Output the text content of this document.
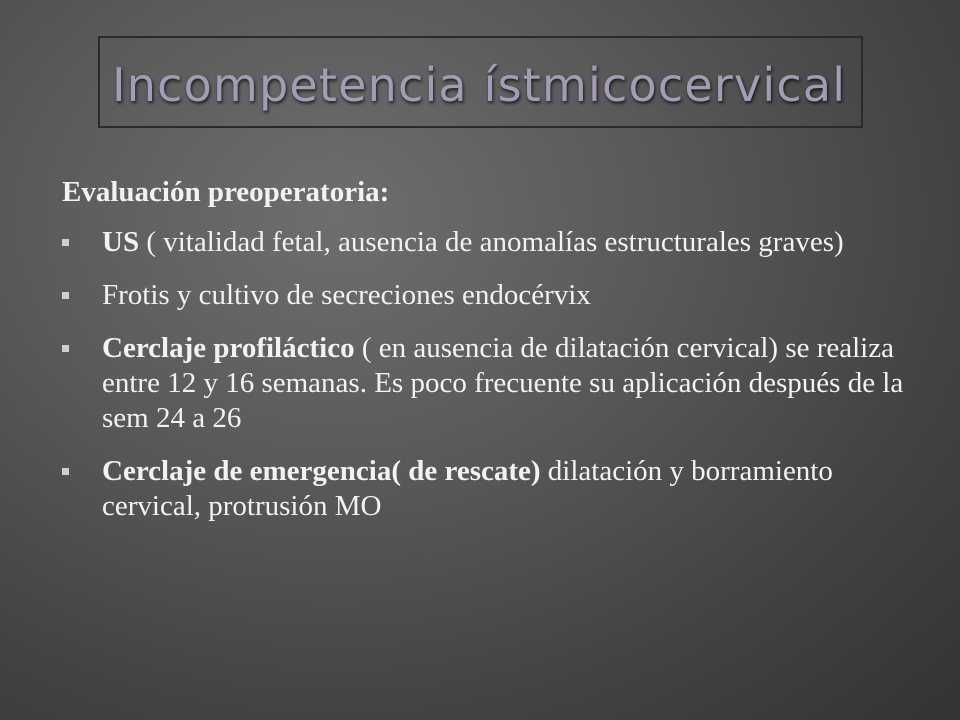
Incompetencia ístmicocervical
Evaluación preoperatoria:
US ( vitalidad fetal, ausencia de anomalías estructurales graves)
Frotis y cultivo de secreciones endocérvix
Cerclaje profiláctico ( en ausencia de dilatación cervical) se realiza entre 12 y 16 semanas. Es poco frecuente su aplicación después de la sem 24 a 26
Cerclaje de emergencia( de rescate) dilatación y borramiento cervical, protrusión MO
